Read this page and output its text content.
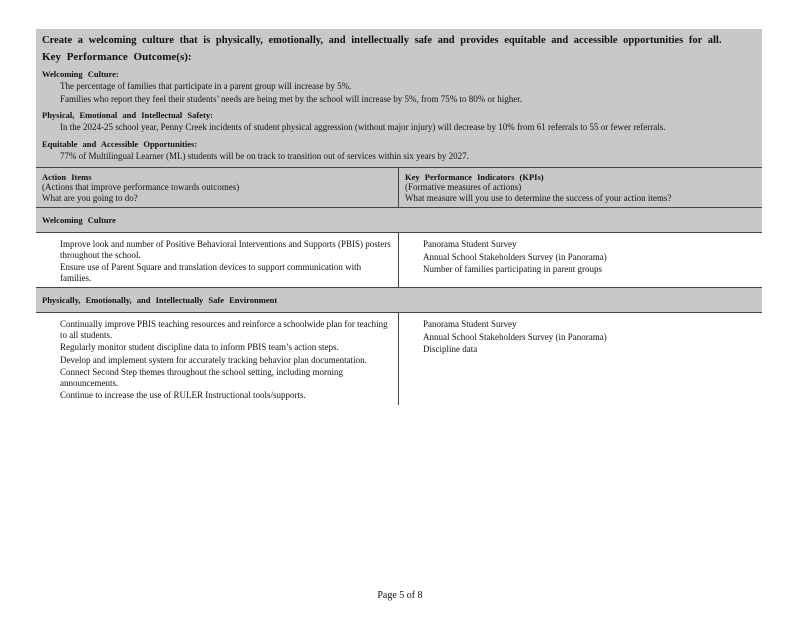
Create a welcoming culture that is physically, emotionally, and intellectually safe and provides equitable and accessible opportunities for all.
Key Performance Outcome(s):
Welcoming Culture:
The percentage of families that participate in a parent group will increase by 5%.
Families who report they feel their students’ needs are being met by the school will increase by 5%, from 75% to 80% or higher.
Physical, Emotional and Intellectual Safety:
In the 2024-25 school year, Penny Creek incidents of student physical aggression (without major injury) will decrease by 10% from 61 referrals to 55 or fewer referrals.
Equitable and Accessible Opportunities:
77% of Multilingual Learner (ML) students will be on track to transition out of services within six years by 2027.
Action Items
(Actions that improve performance towards outcomes)
What are you going to do?
Key Performance Indicators (KPIs)
(Formative measures of actions)
What measure will you use to determine the success of your action items?
Welcoming Culture
Improve look and number of Positive Behavioral Interventions and Supports (PBIS) posters throughout the school.
Ensure use of Parent Square and translation devices to support communication with families.
Panorama Student Survey
Annual School Stakeholders Survey (in Panorama)
Number of families participating in parent groups
Physically, Emotionally, and Intellectually Safe Environment
Continually improve PBIS teaching resources and reinforce a schoolwide plan for teaching to all students.
Regularly monitor student discipline data to inform PBIS team’s action steps.
Develop and implement system for accurately tracking behavior plan documentation.
Connect Second Step themes throughout the school setting, including morning announcements.
Continue to increase the use of RULER Instructional tools/supports.
Panorama Student Survey
Annual School Stakeholders Survey (in Panorama)
Discipline data
Page 5 of 8
